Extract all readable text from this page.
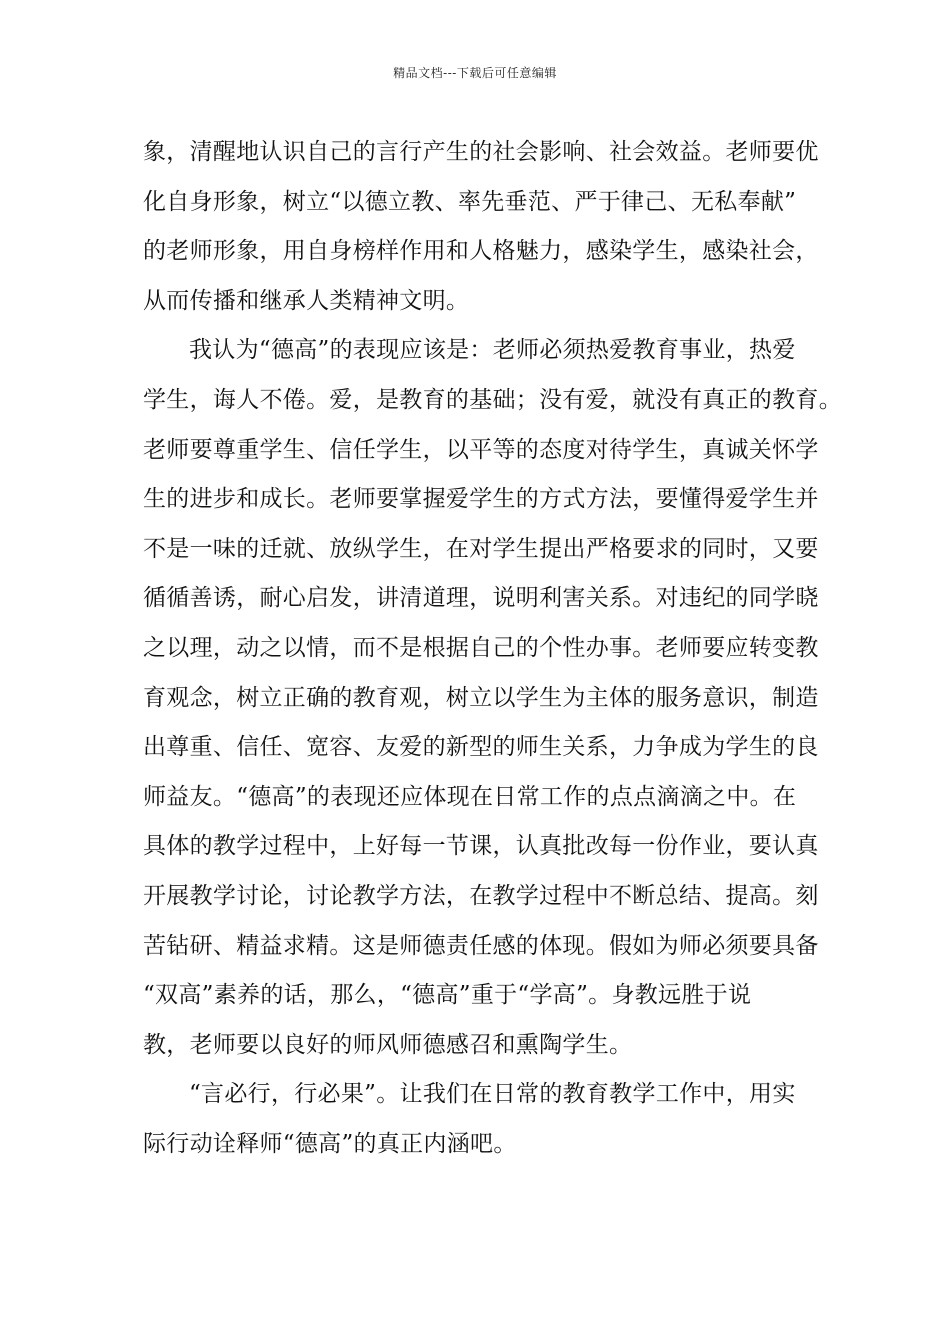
精品文档---下载后可任意编辑
象，清醒地认识自己的言行产生的社会影响、社会效益。老师要优
化自身形象，树立“以德立教、率先垂范、严于律己、无私奉献”
的老师形象，用自身榜样作用和人格魅力，感染学生，感染社会，
从而传播和继承人类精神文明。
我认为“德高”的表现应该是：老师必须热爱教育事业，热爱
学生，诲人不倦。爱，是教育的基础；没有爱，就没有真正的教育。
老师要尊重学生、信任学生，以平等的态度对待学生，真诚关怀学
生的进步和成长。老师要掌握爱学生的方式方法，要懂得爱学生并
不是一味的迁就、放纵学生，在对学生提出严格要求的同时，又要
循循善诱，耐心启发，讲清道理，说明利害关系。对违纪的同学晓
之以理，动之以情，而不是根据自己的个性办事。老师要应转变教
育观念，树立正确的教育观，树立以学生为主体的服务意识，制造
出尊重、信任、宽容、友爱的新型的师生关系，力争成为学生的良
师益友。“德高”的表现还应体现在日常工作的点点滴滴之中。在
具体的教学过程中，上好每一节课，认真批改每一份作业，要认真
开展教学讨论，讨论教学方法，在教学过程中不断总结、提高。刻
苦钻研、精益求精。这是师德责任感的体现。假如为师必须要具备
“双高”素养的话，那么，“德高”重于“学高”。身教远胜于说
教，老师要以良好的师风师德感召和熏陶学生。
“言必行，行必果”。让我们在日常的教育教学工作中，用实
际行动诠释师“德高”的真正内涵吧。
